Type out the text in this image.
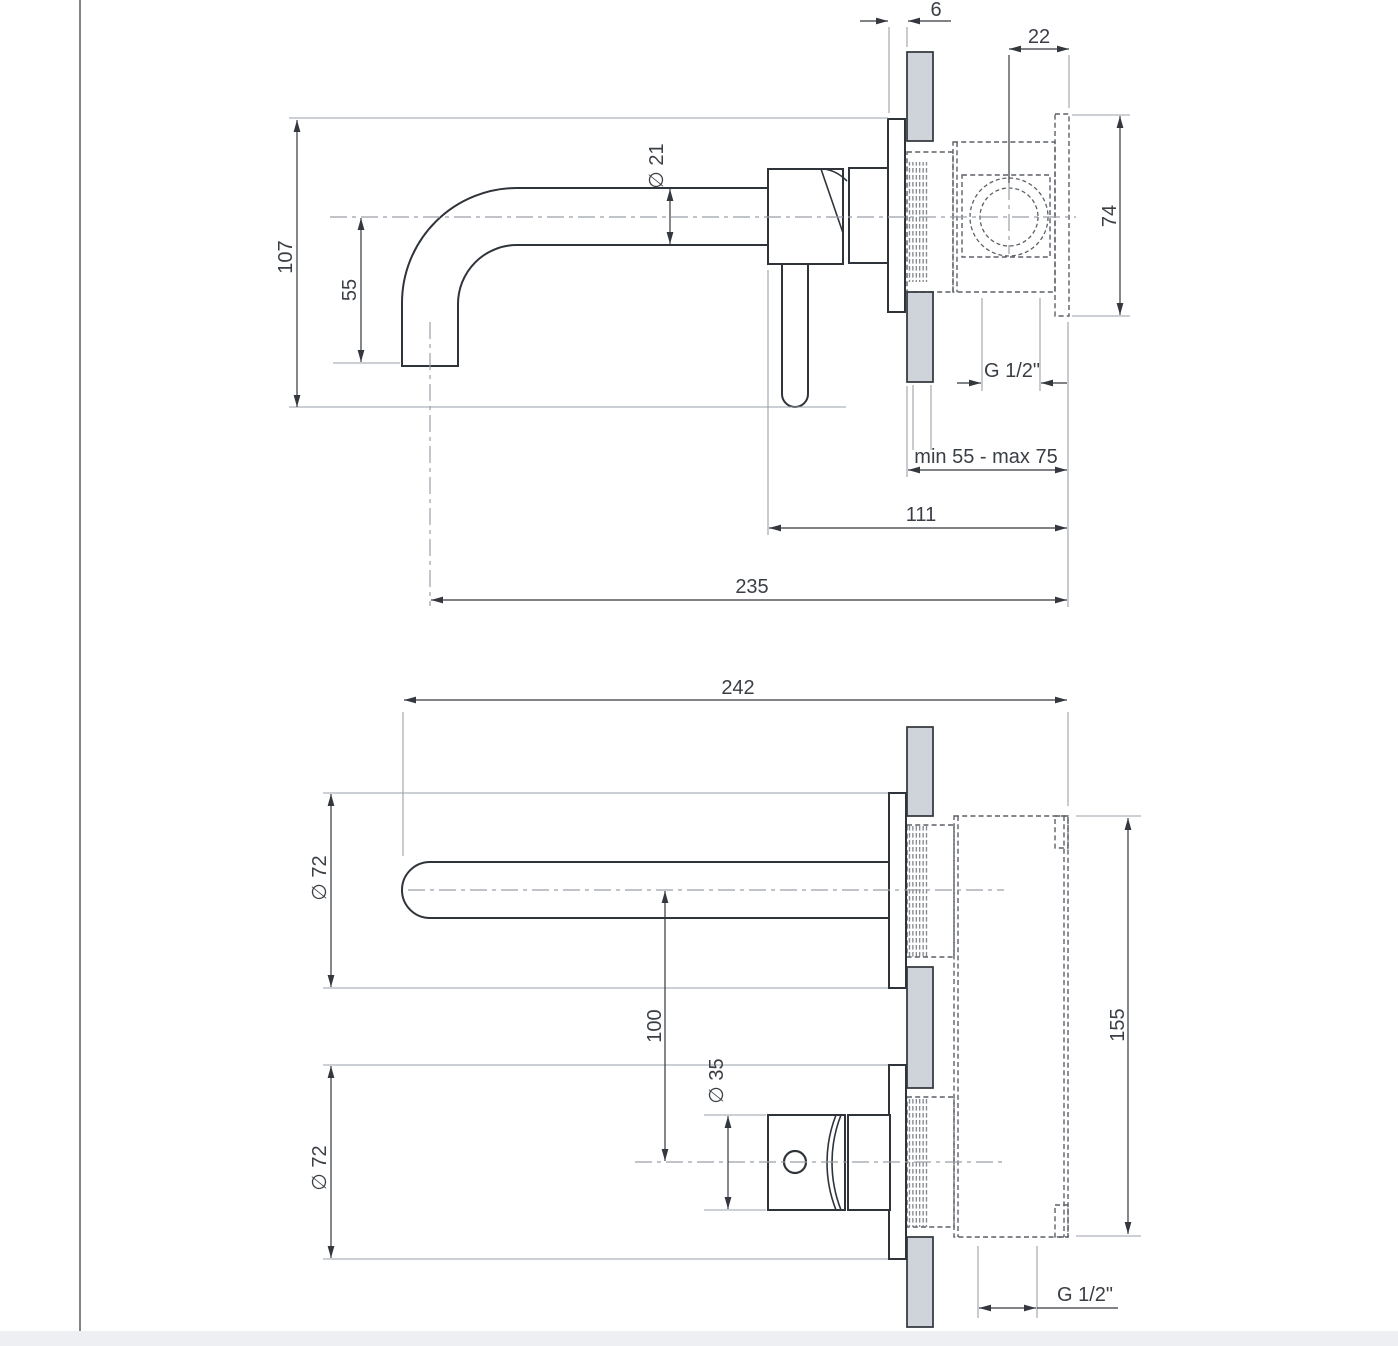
6
22
107
55
∅ 21
74
G 1/2"
min 55 - max 75
111
235
242
∅ 72
100
∅ 35
∅ 72
155
G 1/2"
